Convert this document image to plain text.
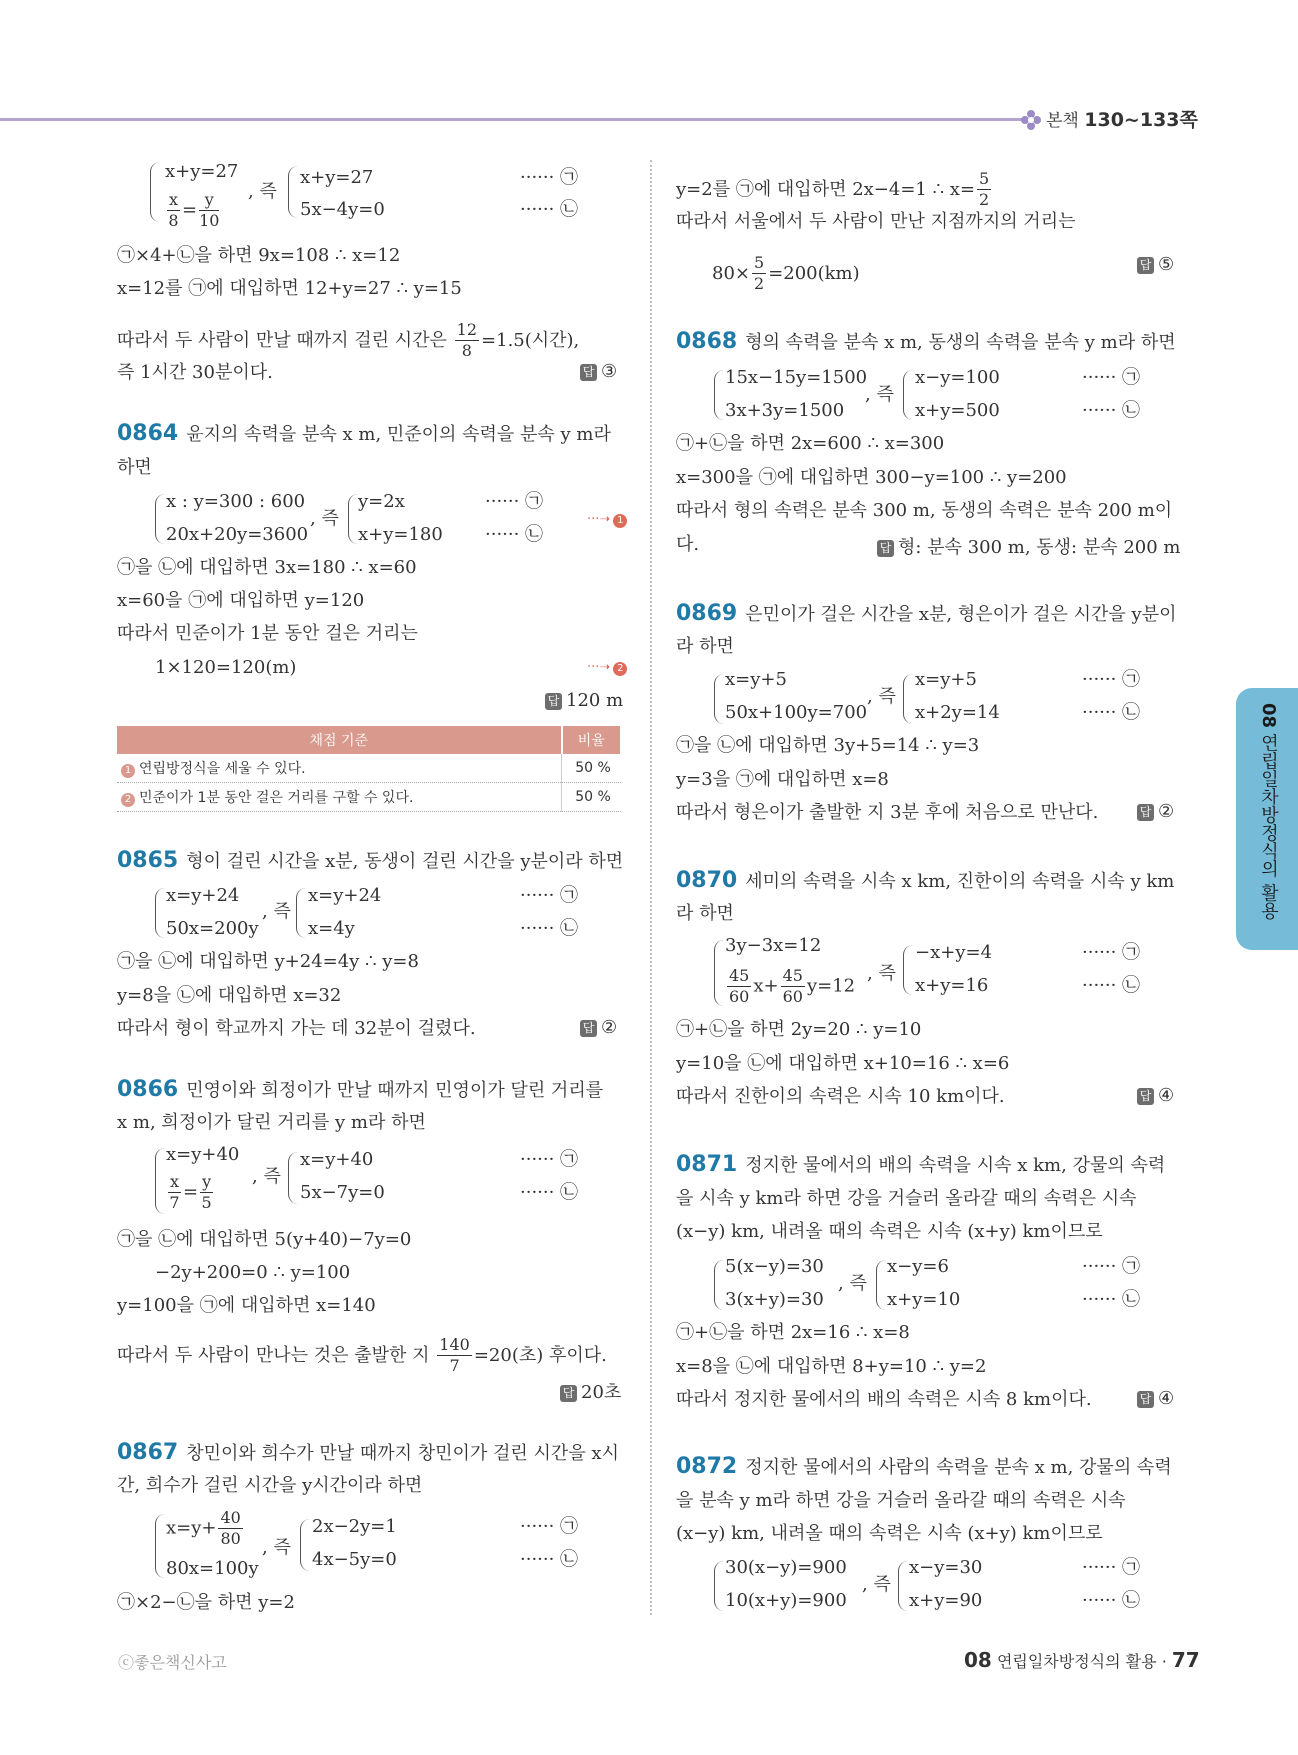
본책 130~133쪽
08 연립일차방정식의 활용
x+y=27
$\frac{x}{8} = \frac{y}{10}$ , 즉
x+y=27
5x−4y=0
······ ㉠
······ ㉡
㉠×4+㉡을 하면 9x=108 ∴ x=12
x=12를 ㉠에 대입하면 12+y=27 ∴ y=15
따라서 두 사람이 만날 때까지 걸린 시간은 $\frac{12}{8} =1.5$(시간),
즉 1시간 30분이다.	답 ③
0864 윤지의 속력을 분속 x m, 민준이의 속력을 분속 y m라
하면
x : y=300 : 600
20x+20y=3600
, 즉
y=2x
x+y=180
······ ㉠
······ ㉡
···➝ 1
㉠을 ㉡에 대입하면 3x=180 ∴ x=60
x=60을 ㉠에 대입하면 y=120
따라서 민준이가 1분 동안 걸은 거리는
1×120=120(m)	···➝ 2
답 120 m
채점 기준	비율
1 연립방정식을 세울 수 있다.	50 %
2 민준이가 1분 동안 걸은 거리를 구할 수 있다.	50 %
0865 형이 걸린 시간을 x분, 동생이 걸린 시간을 y분이라 하면
x=y+24
50x=200y
, 즉
x=y+24
x=4y
······ ㉠
······ ㉡
㉠을 ㉡에 대입하면 y+24=4y ∴ y=8
y=8을 ㉡에 대입하면 x=32
따라서 형이 학교까지 가는 데 32분이 걸렸다.	답 ②
0866 민영이와 희정이가 만날 때까지 민영이가 달린 거리를
x m, 희정이가 달린 거리를 y m라 하면
x=y+40
$\frac{x}{7} = \frac{y}{5}$ , 즉
x=y+40
5x−7y=0
······ ㉠
······ ㉡
㉠을 ㉡에 대입하면 5(y+40)−7y=0
−2y+200=0 ∴ y=100
y=100을 ㉠에 대입하면 x=140
따라서 두 사람이 만나는 것은 출발한 지 $\frac{140}{7} =20$(초) 후이다.
답 20초
0867 창민이와 희수가 만날 때까지 창민이가 걸린 시간을 x시
간, 희수가 걸린 시간을 y시간이라 하면
$x=y+ \frac{40}{80}$
80x=100y
, 즉
2x−2y=1
4x−5y=0
······ ㉠
······ ㉡
㉠×2−㉡을 하면 y=2
y=2를 ㉠에 대입하면 2x−4=1 ∴ $x= \frac{5}{2}$
따라서 서울에서 두 사람이 만난 지점까지의 거리는
$80\times \frac{5}{2} =200(km)$	답 ⑤
0868 형의 속력을 분속 x m, 동생의 속력을 분속 y m라 하면
15x−15y=1500
3x+3y=1500
, 즉
x−y=100
x+y=500
······ ㉠
······ ㉡
㉠+㉡을 하면 2x=600 ∴ x=300
x=300을 ㉠에 대입하면 300−y=100 ∴ y=200
따라서 형의 속력은 분속 300 m, 동생의 속력은 분속 200 m이
다.	답 형: 분속 300 m, 동생: 분속 200 m
0869 은민이가 걸은 시간을 x분, 형은이가 걸은 시간을 y분이
라 하면
x=y+5
50x+100y=700
, 즉
x=y+5
x+2y=14
······ ㉠
······ ㉡
㉠을 ㉡에 대입하면 3y+5=14 ∴ y=3
y=3을 ㉠에 대입하면 x=8
따라서 형은이가 출발한 지 3분 후에 처음으로 만난다.	답 ②
0870 세미의 속력을 시속 x km, 진한이의 속력을 시속 y km
라 하면
3y−3x=12
$\frac{45}{60} x+ \frac{45}{60} y=12$
, 즉
−x+y=4
x+y=16
······ ㉠
······ ㉡
㉠+㉡을 하면 2y=20 ∴ y=10
y=10을 ㉡에 대입하면 x+10=16 ∴ x=6
따라서 진한이의 속력은 시속 10 km이다.	답 ④
0871 정지한 물에서의 배의 속력을 시속 x km, 강물의 속력
을 시속 y km라 하면 강을 거슬러 올라갈 때의 속력은 시속
(x−y) km, 내려올 때의 속력은 시속 (x+y) km이므로
5(x−y)=30
3(x+y)=30
, 즉
x−y=6
x+y=10
······ ㉠
······ ㉡
㉠+㉡을 하면 2x=16 ∴ x=8
x=8을 ㉡에 대입하면 8+y=10 ∴ y=2
따라서 정지한 물에서의 배의 속력은 시속 8 km이다.	답 ④
0872 정지한 물에서의 사람의 속력을 분속 x m, 강물의 속력
을 분속 y m라 하면 강을 거슬러 올라갈 때의 속력은 시속
(x−y) km, 내려올 때의 속력은 시속 (x+y) km이므로
30(x−y)=900
10(x+y)=900
, 즉
x−y=30
x+y=90
······ ㉠
······ ㉡
ⓒ좋은책신사고	08 연립일차방정식의 활용 · 77
